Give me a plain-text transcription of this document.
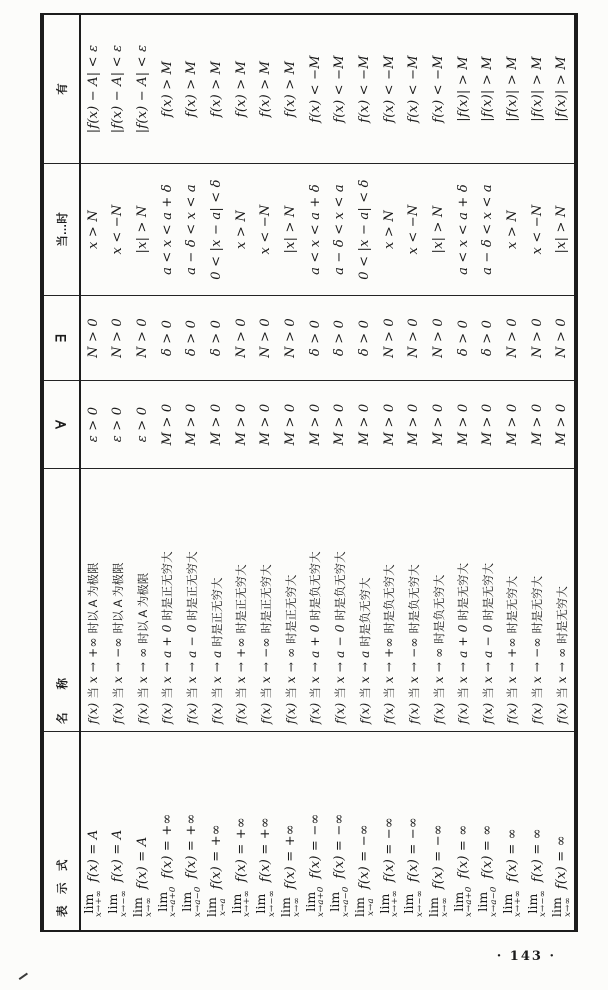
表　示　式
名　　称
∀
∃
当…时
有
lim
x→+∞
f(x) = A
f(x)
当
x → +∞
时以 A 为极限
ε > 0
N > 0
x > N
|f(x) − A| < ε
lim
x→−∞
f(x) = A
f(x)
当
x → −∞
时以 A 为极限
ε > 0
N > 0
x < −N
|f(x) − A| < ε
lim
x→∞
f(x) = A
f(x)
当
x → ∞
时以 A 为极限
ε > 0
N > 0
|x| > N
|f(x) − A| < ε
lim
x→a+0
f(x) = +∞
f(x)
当
x → a + 0
时是正无穷大
M > 0
δ > 0
a < x < a + δ
f(x) > M
lim
x→a−0
f(x) = +∞
f(x)
当
x → a − 0
时是正无穷大
M > 0
δ > 0
a − δ < x < a
f(x) > M
lim
x→a
f(x) = +∞
f(x)
当
x → a
时是正无穷大
M > 0
δ > 0
0 < |x − a| < δ
f(x) > M
lim
x→+∞
f(x) = +∞
f(x)
当
x → +∞
时是正无穷大
M > 0
N > 0
x > N
f(x) > M
lim
x→−∞
f(x) = +∞
f(x)
当
x → −∞
时是正无穷大
M > 0
N > 0
x < −N
f(x) > M
lim
x→∞
f(x) = +∞
f(x)
当
x → ∞
时是正无穷大
M > 0
N > 0
|x| > N
f(x) > M
lim
x→a+0
f(x) = −∞
f(x)
当
x → a + 0
时是负无穷大
M > 0
δ > 0
a < x < a + δ
f(x) < −M
lim
x→a−0
f(x) = −∞
f(x)
当
x → a − 0
时是负无穷大
M > 0
δ > 0
a − δ < x < a
f(x) < −M
lim
x→a
f(x) = −∞
f(x)
当
x → a
时是负无穷大
M > 0
δ > 0
0 < |x − a| < δ
f(x) < −M
lim
x→+∞
f(x) = −∞
f(x)
当
x → +∞
时是负无穷大
M > 0
N > 0
x > N
f(x) < −M
lim
x→−∞
f(x) = −∞
f(x)
当
x → −∞
时是负无穷大
M > 0
N > 0
x < −N
f(x) < −M
lim
x→∞
f(x) = −∞
f(x)
当
x → ∞
时是负无穷大
M > 0
N > 0
|x| > N
f(x) < −M
lim
x→a+0
f(x) = ∞
f(x)
当
x → a + 0
时是无穷大
M > 0
δ > 0
a < x < a + δ
|f(x)| > M
lim
x→a−0
f(x) = ∞
f(x)
当
x → a − 0
时是无穷大
M > 0
δ > 0
a − δ < x < a
|f(x)| > M
lim
x→+∞
f(x) = ∞
f(x)
当
x → +∞
时是无穷大
M > 0
N > 0
x > N
|f(x)| > M
lim
x→−∞
f(x) = ∞
f(x)
当
x → −∞
时是无穷大
M > 0
N > 0
x < −N
|f(x)| > M
lim
x→∞
f(x) = ∞
f(x)
当
x → ∞
时是无穷大
M > 0
N > 0
|x| > N
|f(x)| > M
· 143 ·
